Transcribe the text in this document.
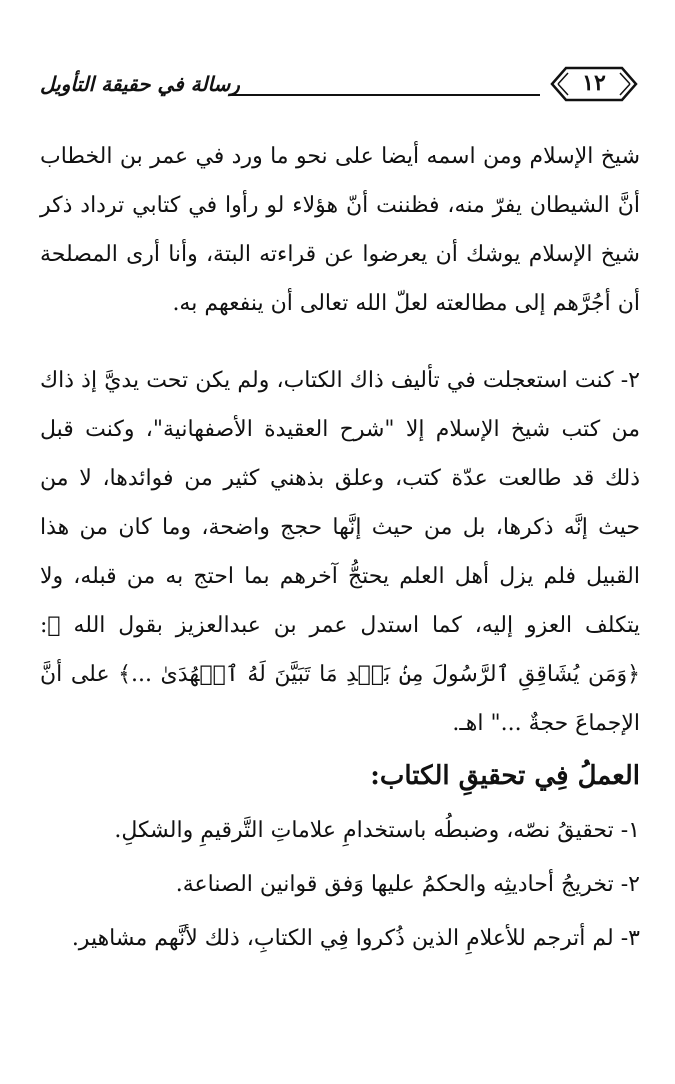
رسالة في حقيقة التأويل	١٢

شيخ الإسلام ومن اسمه أيضا على نحو ما ورد في عمر بن الخطاب أنَّ الشيطان يفرّ منه، فظننت أنّ هؤلاء لو رأوا في كتابي ترداد ذكر شيخ الإسلام يوشك أن يعرضوا عن قراءته البتة، وأنا أرى المصلحة أن أجُرَّهم إلى مطالعته لعلّ الله تعالى أن ينفعهم به.

٢- كنت استعجلت في تأليف ذاك الكتاب، ولم يكن تحت يديَّ إذ ذاك من كتب شيخ الإسلام إلا "شرح العقيدة الأصفهانية"، وكنت قبل ذلك قد طالعت عدّة كتب، وعلق بذهني كثير من فوائدها، لا من حيث إنَّه ذكرها، بل من حيث إنَّها حجج واضحة، وما كان من هذا القبيل فلم يزل أهل العلم يحتجُّ آخرهم بما احتج به من قبله، ولا يتكلف العزو إليه، كما استدل عمر بن عبدالعزيز بقول الله ﷻ: ﴿وَمَن يُشَاقِقِ ٱلرَّسُولَ مِنۢ بَعۡدِ مَا تَبَيَّنَ لَهُ ٱلۡهُدَىٰ ...﴾ على أنَّ الإجماعَ حجةٌ ..." اهـ.

العملُ فِي تحقيقِ الكتاب:

١- تحقيقُ نصّه، وضبطُه باستخدامِ علاماتِ التَّرقيمِ والشكلِ.

٢- تخريجُ أحاديثِه والحكمُ عليها وَفق قوانين الصناعة.

٣- لم أترجم للأعلامِ الذين ذُكروا فِي الكتابِ، ذلك لأنَّهم مشاهير.
